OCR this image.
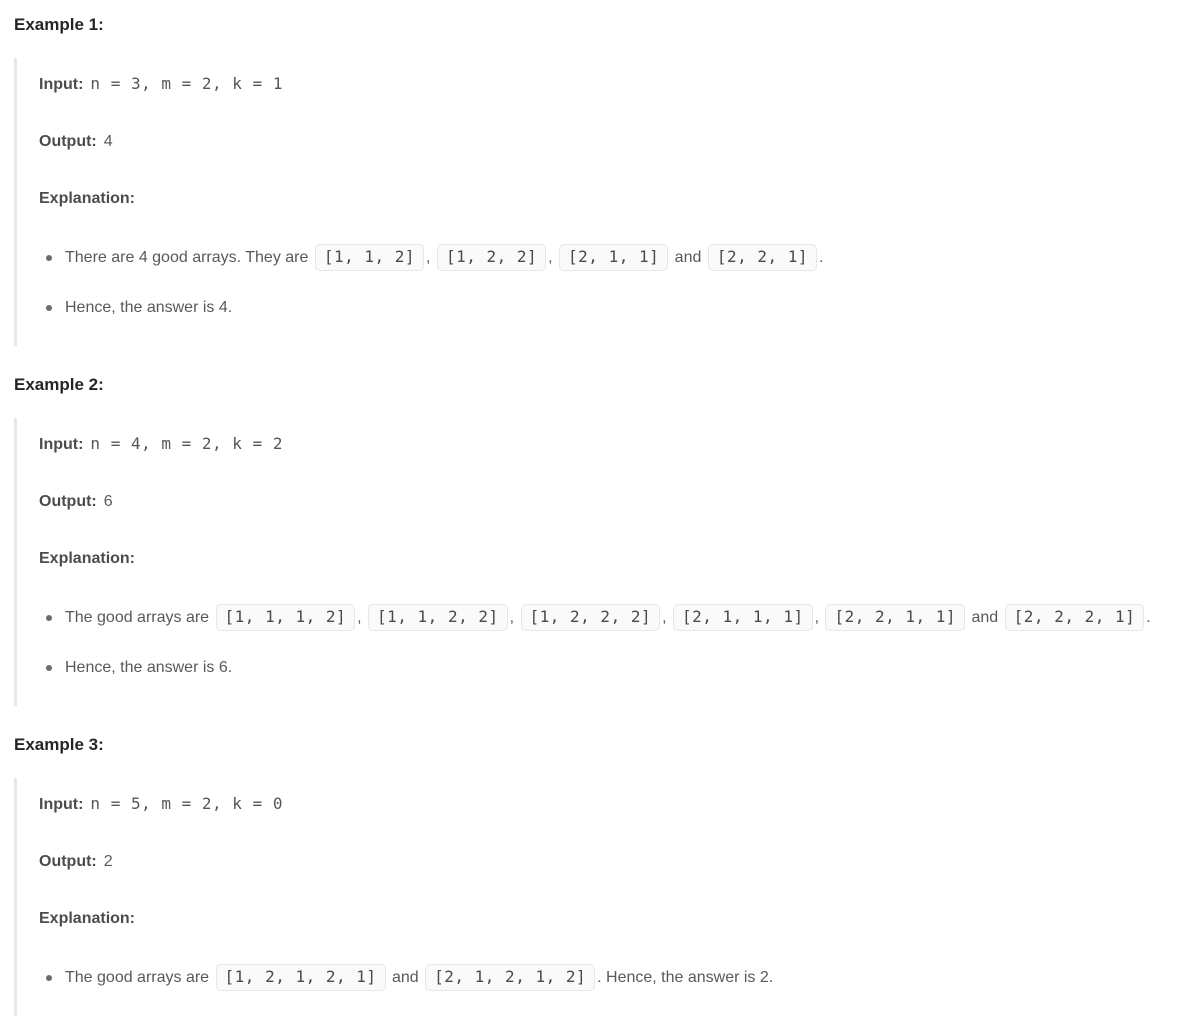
Example 1:

Input: n = 3, m = 2, k = 1

Output: 4

Explanation:

There are 4 good arrays. They are [1, 1, 2] , [1, 2, 2] , [2, 1, 1] and [2, 2, 1] .
Hence, the answer is 4.
Example 2:

Input: n = 4, m = 2, k = 2

Output: 6

Explanation:

The good arrays are [1, 1, 1, 2] , [1, 1, 2, 2] , [1, 2, 2, 2] , [2, 1, 1, 1] , [2, 2, 1, 1] and [2, 2, 2, 1] .
Hence, the answer is 6.
Example 3:

Input: n = 5, m = 2, k = 0

Output: 2

Explanation:

The good arrays are [1, 2, 1, 2, 1] and [2, 1, 2, 1, 2] . Hence, the answer is 2.
